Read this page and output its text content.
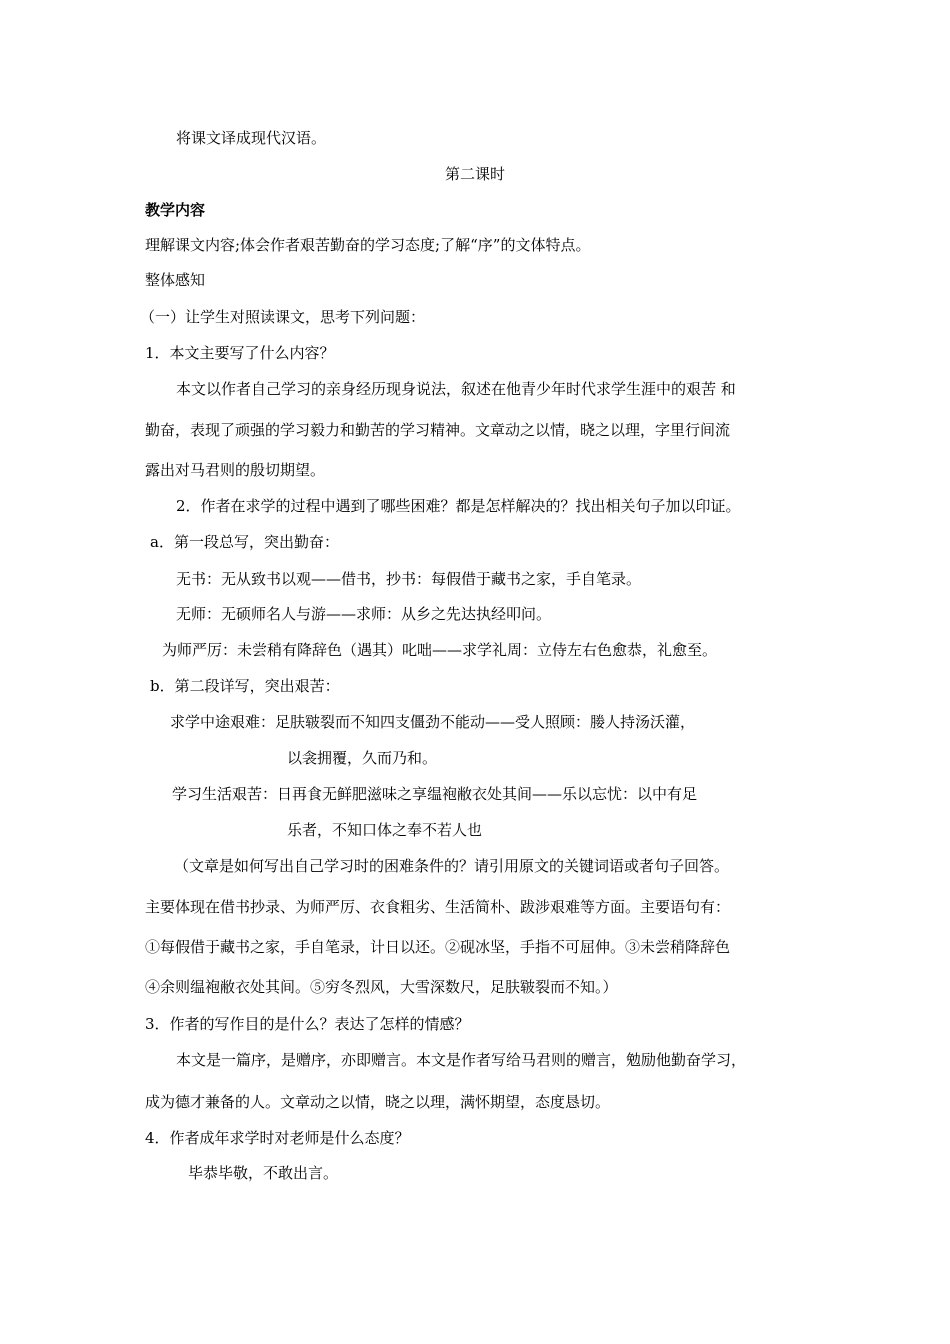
将课文译成现代汉语。
第二课时
教学内容
理解课文内容;体会作者艰苦勤奋的学习态度;了解“序”的文体特点。
整体感知
（一）让学生对照读课文，思考下列问题：
1．本文主要写了什么内容？
本文以作者自己学习的亲身经历现身说法，叙述在他青少年时代求学生涯中的艰苦 和
勤奋，表现了顽强的学习毅力和勤苦的学习精神。文章动之以情，晓之以理，字里行间流
露出对马君则的殷切期望。
2．作者在求学的过程中遇到了哪些困难？都是怎样解决的？找出相关句子加以印证。
a．第一段总写，突出勤奋：
无书：无从致书以观——借书，抄书：每假借于藏书之家，手自笔录。
无师：无硕师名人与游——求师：从乡之先达执经叩问。
为师严厉：未尝稍有降辞色（遇其）叱咄——求学礼周：立侍左右色愈恭，礼愈至。
b．第二段详写，突出艰苦：
求学中途艰难：足肤皲裂而不知四支僵劲不能动——受人照顾：媵人持汤沃灌，
以衾拥覆，久而乃和。
学习生活艰苦：日再食无鲜肥滋味之享缊袍敝衣处其间——乐以忘忧：以中有足
乐者，不知口体之奉不若人也
（文章是如何写出自己学习时的困难条件的？请引用原文的关键词语或者句子回答。
主要体现在借书抄录、为师严厉、衣食粗劣、生活简朴、跋涉艰难等方面。主要语句有：
①每假借于藏书之家，手自笔录，计日以还。②砚冰坚，手指不可屈伸。③未尝稍降辞色
④余则缊袍敝衣处其间。⑤穷冬烈风，大雪深数尺，足肤皲裂而不知。）
3．作者的写作目的是什么？表达了怎样的情感？
本文是一篇序，是赠序，亦即赠言。本文是作者写给马君则的赠言，勉励他勤奋学习，
成为德才兼备的人。文章动之以情，晓之以理，满怀期望，态度恳切。
4．作者成年求学时对老师是什么态度？
毕恭毕敬，不敢出言。
